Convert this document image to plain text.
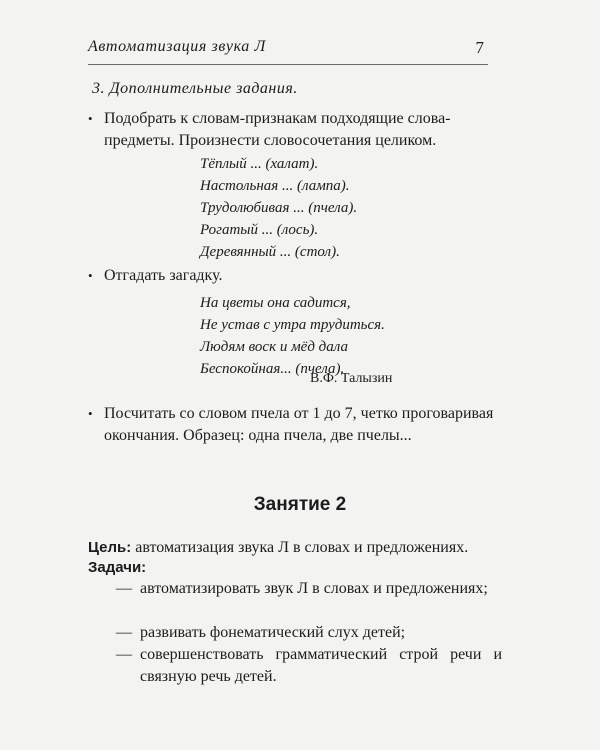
Автоматизация звука Л	7
3. Дополнительные задания.
• Подобрать к словам-признакам подходящие слова-предметы. Произнести словосочетания целиком.
Тёплый ... (халат).
Настольная ... (лампа).
Трудолюбивая ... (пчела).
Рогатый ... (лось).
Деревянный ... (стол).
• Отгадать загадку.
На цветы она садится,
Не устав с утра трудиться.
Людям воск и мёд дала
Беспокойная... (пчела).
В.Ф. Талызин
• Посчитать со словом пчела от 1 до 7, четко проговаривая окончания. Образец: одна пчела, две пчелы...
Занятие 2
Цель: автоматизация звука Л в словах и предложениях.
Задачи:
— автоматизировать звук Л в словах и предложениях;
— развивать фонематический слух детей;
— совершенствовать грамматический строй речи и связную речь детей.
